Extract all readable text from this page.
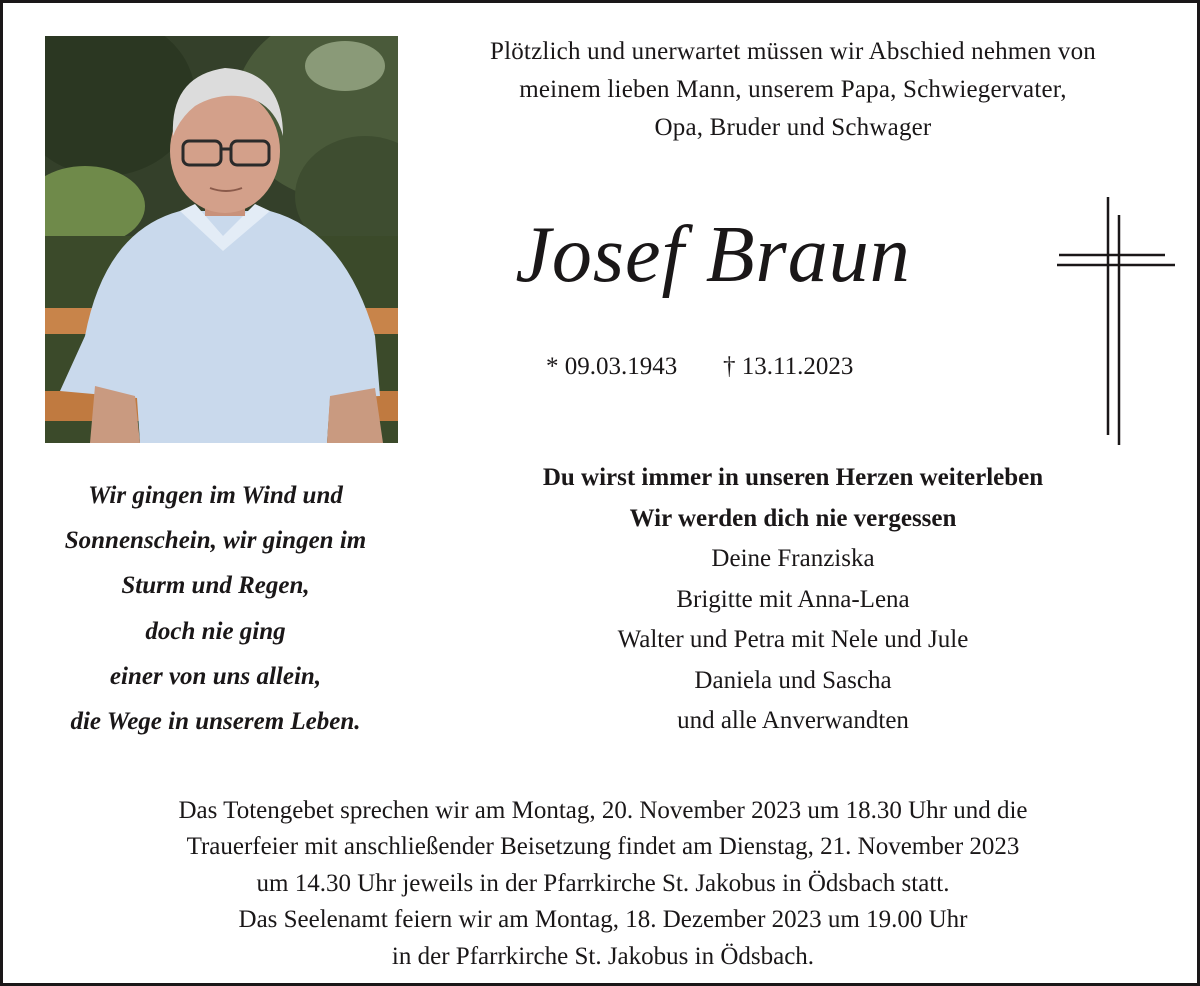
Plötzlich und unerwartet müssen wir Abschied nehmen von
meinem lieben Mann, unserem Papa, Schwiegervater,
Opa, Bruder und Schwager
Josef Braun
* 09.03.1943 † 13.11.2023
Wir gingen im Wind und
Sonnenschein, wir gingen im
Sturm und Regen,
doch nie ging
einer von uns allein,
die Wege in unserem Leben.
Du wirst immer in unseren Herzen weiterleben
Wir werden dich nie vergessen
Deine Franziska
Brigitte mit Anna-Lena
Walter und Petra mit Nele und Jule
Daniela und Sascha
und alle Anverwandten
Das Totengebet sprechen wir am Montag, 20. November 2023 um 18.30 Uhr und die
Trauerfeier mit anschließender Beisetzung findet am Dienstag, 21. November 2023
um 14.30 Uhr jeweils in der Pfarrkirche St. Jakobus in Ödsbach statt.
Das Seelenamt feiern wir am Montag, 18. Dezember 2023 um 19.00 Uhr
in der Pfarrkirche St. Jakobus in Ödsbach.
